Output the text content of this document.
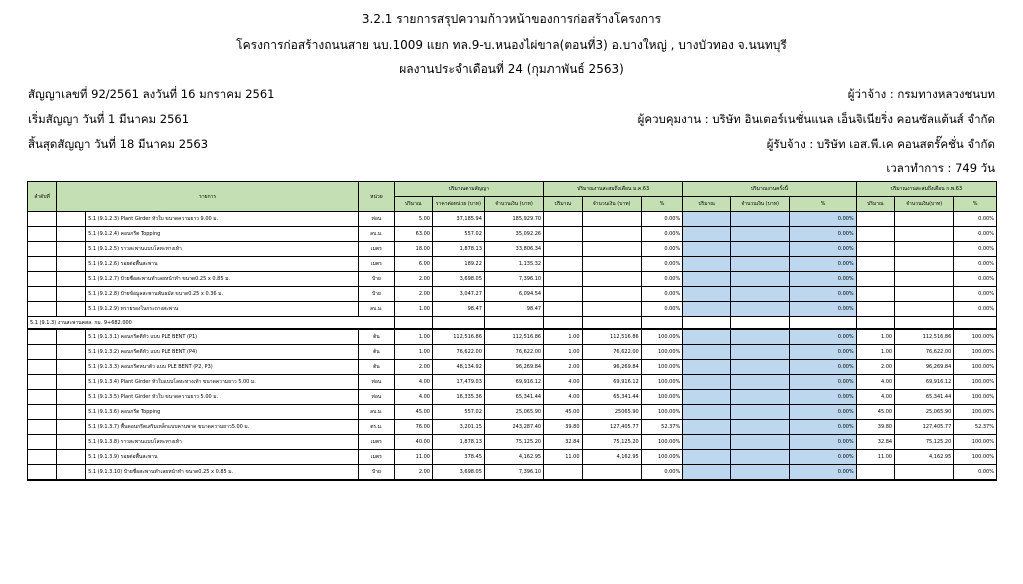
3.2.1 รายการสรุปความก้าวหน้าของการก่อสร้างโครงการ
โครงการก่อสร้างถนนสาย นบ.1009 แยก ทล.9-บ.หนองไผ่ขาล(ตอนที่3) อ.บางใหญ่ , บางบัวทอง จ.นนทบุรี
ผลงานประจำเดือนที่ 24 (กุมภาพันธ์ 2563)
สัญญาเลขที่ 92/2561 ลงวันที่ 16 มกราคม 2561
เริ่มสัญญา วันที่ 1 มีนาคม 2561
สิ้นสุดสัญญา วันที่ 18 มีนาคม 2563
ผู้ว่าจ้าง : กรมทางหลวงชนบท
ผู้ควบคุมงาน : บริษัท อินเตอร์เนชั่นแนล เอ็นจิเนียริ่ง คอนซัลแต้นส์ จำกัด
ผู้รับจ้าง : บริษัท เอส.พี.เค คอนสตรั๊คชั่น จำกัด
เวลาทำการ : 749 วัน
ลำดับที่	รายการ		หน่วย	ปริมาณตามสัญญา			ปริมาณงานสะสมถึงเดือน ม.ค.63			ปริมาณงานครั้งนี้			ปริมาณงานสะสมถึงเดือน ก.พ.63		
				ปริมาณ	ราคาต่อหน่วย (บาท)	จำนวนเงิน (บาท)	ปริมาณ	จำนวนเงิน (บาท)	%	ปริมาณ	จำนวนเงิน (บาท)	%	ปริมาณ	จำนวนเงิน(บาท)	%
		5.1 (9.1.2.3) Plant Girder หัวใบ ขนาดความยาว 9.00 ม.	ท่อน	5.00	37,185.94	185,929.70			0.00%			0.00%			0.00%
		5.1 (9.1.2.4) คอนกรีต Topping	ลบ.ม.	63.00	557.02	35,092.26			0.00%			0.00%			0.00%
		5.1 (9.1.2.5) ราวสะพานแบบโลหะทางเท้า	เมตร	18.00	1,878.13	33,806.34			0.00%			0.00%			0.00%
		5.1 (9.1.2.6) รอยต่อพื้นสะพาน	เมตร	6.00	189.22	1,135.32			0.00%			0.00%			0.00%
		5.1 (9.1.2.7) ป้ายชื่อสะพานทำเลยหน้าทำ ขนาด0.25 x 0.85 ม.	ป้าย	2.00	3,698.05	7,396.10			0.00%			0.00%			0.00%
		5.1 (9.1.2.8) ป้ายข้อมูลสะพานพันธมัส ขนาด0.25 x 0.36 ม.	ป้าย	2.00	3,047.27	6,094.54			0.00%			0.00%			0.00%
		5.1 (9.1.2.9) ทรายรองในกระถางสะพาน	ลบ.ม.	1.00	98.47	98.47			0.00%			0.00%			0.00%
5.1 (9.1.3) งานสะพานคสล. กม. 9+682.000															
		5.1 (9.1.3.1) คอนกรีตตีหัว แบบ PLE BENT (P1)	ต้น	1.00	112,516.86	112,516.86	1.00	112,516.86	100.00%			0.00%	1.00	112,516.86	100.00%
		5.1 (9.1.3.2) คอนกรีตตีหัว แบบ PLE BENT (P4)	ต้น	1.00	76,622.00	76,622.00	1.00	76,622.00	100.00%			0.00%	1.00	76,622.00	100.00%
		5.1 (9.1.3.3) คอนกรีตหนาตัว แบบ PLE BENT (P2, P3)	ต้น	2.00	48,134.92	96,269.84	2.00	96,269.84	100.00%			0.00%	2.00	96,269.84	100.00%
		5.1 (9.1.3.4) Plant Girder หัวใบแบบโลหะทางเท้า ขนาดความยาว 5.00 ม.	ท่อน	4.00	17,479.03	69,916.12	4.00	69,916.12	100.00%			0.00%	4.00	69,916.12	100.00%
		5.1 (9.1.3.5) Plant Girder หัวใบ ขนาดความยาว 5.00 ม.	ท่อน	4.00	16,335.36	65,341.44	4.00	65,341.44	100.00%			0.00%	4.00	65,341.44	100.00%
		5.1 (9.1.3.6) คอนกรีต Topping	ลบ.ม.	45.00	557.02	25,065.90	45.00	25065.90	100.00%			0.00%	45.00	25,065.90	100.00%
		5.1 (9.1.3.7) พื้นคอนกรีตเสริมเหล็กแบบคานพาด ขนาดความยาว5.00 ม.	ตร.ม.	76.00	3,201.15	243,287.40	39.80	127,405.77	52.37%			0.00%	39.80	127,405.77	52.37%
		5.1 (9.1.3.8) ราวสะพานแบบโลหะทางเท้า	เมตร	40.00	1,878.13	75,125.20	32.84	75,125.20	100.00%			0.00%	32.84	75,125.20	100.00%
		5.1 (9.1.3.9) รอยต่อพื้นสะพาน	เมตร	11.00	378.45	4,162.95	11.00	4,162.95	100.00%			0.00%	11.00	4,162.95	100.00%
		5.1 (9.1.3.10) ป้ายชื่อสะพานทำเลยหน้าทำ ขนาด0.25 x 0.85 ม.	ป้าย	2.00	3,698.05	7,396.10			0.00%			0.00%			0.00%
